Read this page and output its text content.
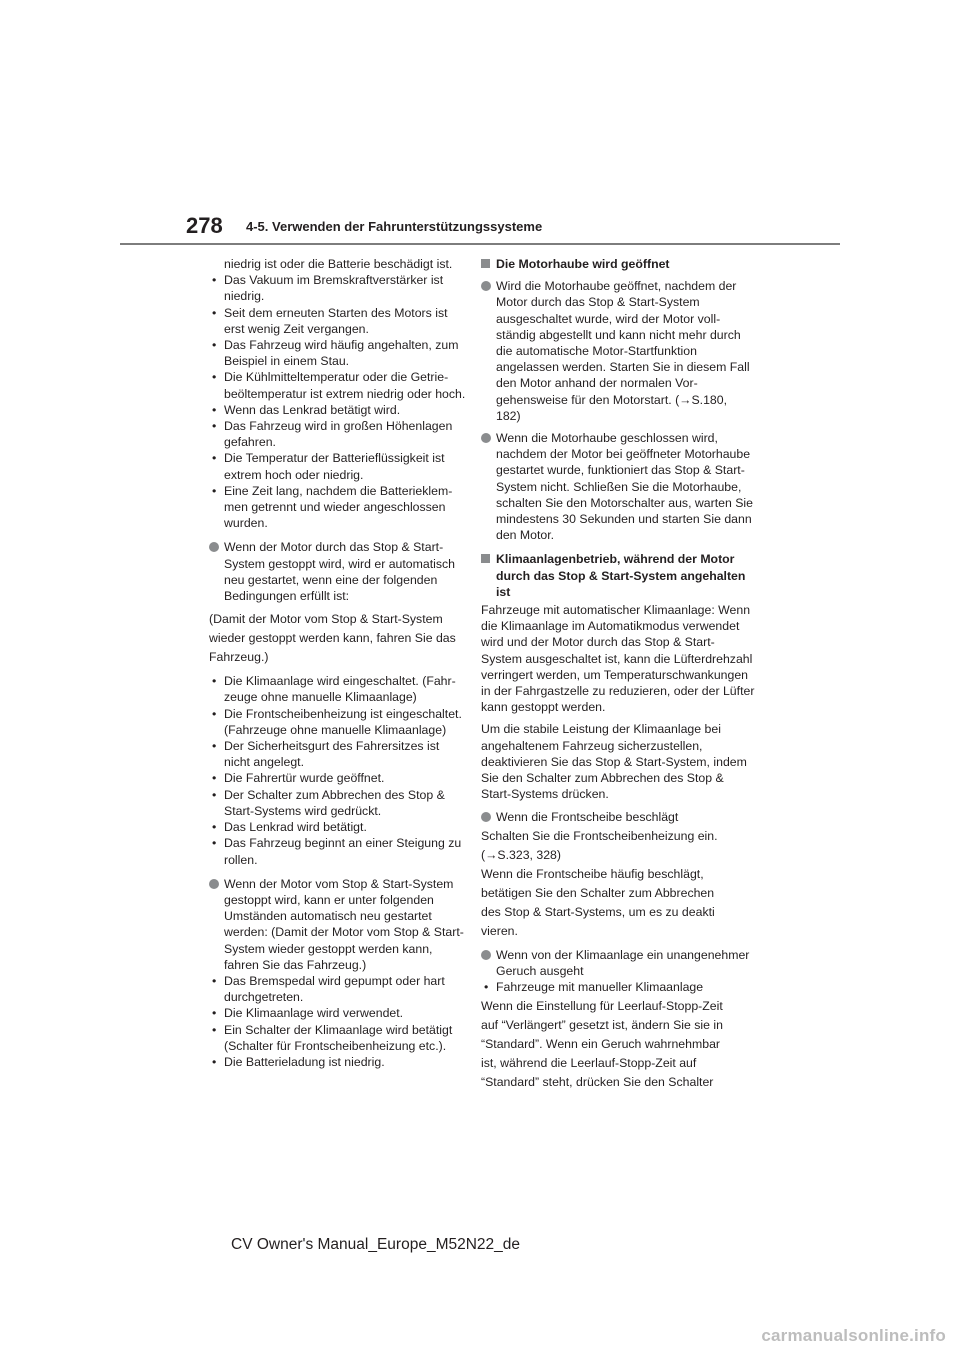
278 4-5. Verwenden der Fahrunterstützungssysteme
niedrig ist oder die Batterie beschädigt ist.
• Das Vakuum im Bremskraftverstärker ist niedrig.
• Seit dem erneuten Starten des Motors ist erst wenig Zeit vergangen.
• Das Fahrzeug wird häufig angehalten, zum Beispiel in einem Stau.
• Die Kühlmitteltemperatur oder die Getriebeöltemperatur ist extrem niedrig oder hoch.
• Wenn das Lenkrad betätigt wird.
• Das Fahrzeug wird in großen Höhenlagen gefahren.
• Die Temperatur der Batterieflüssigkeit ist extrem hoch oder niedrig.
• Eine Zeit lang, nachdem die Batterieklemmen getrennt und wieder angeschlossen wurden.
Wenn der Motor durch das Stop & Start-System gestoppt wird, wird er automatisch neu gestartet, wenn eine der folgenden Bedingungen erfüllt ist:
(Damit der Motor vom Stop & Start-System
wieder gestoppt werden kann, fahren Sie das
Fahrzeug.)
• Die Klimaanlage wird eingeschaltet. (Fahrzeuge ohne manuelle Klimaanlage)
• Die Frontscheibenheizung ist eingeschaltet. (Fahrzeuge ohne manuelle Klimaanlage)
• Der Sicherheitsgurt des Fahrersitzes ist nicht angelegt.
• Die Fahrertür wurde geöffnet.
• Der Schalter zum Abbrechen des Stop & Start-Systems wird gedrückt.
• Das Lenkrad wird betätigt.
• Das Fahrzeug beginnt an einer Steigung zu rollen.
Wenn der Motor vom Stop & Start-System gestoppt wird, kann er unter folgenden Umständen automatisch neu gestartet werden: (Damit der Motor vom Stop & Start-System wieder gestoppt werden kann, fahren Sie das Fahrzeug.)
• Das Bremspedal wird gepumpt oder hart durchgetreten.
• Die Klimaanlage wird verwendet.
• Ein Schalter der Klimaanlage wird betätigt (Schalter für Frontscheibenheizung etc.).
• Die Batterieladung ist niedrig.
Die Motorhaube wird geöffnet
Wird die Motorhaube geöffnet, nachdem der Motor durch das Stop & Start-System ausgeschaltet wurde, wird der Motor vollständig abgestellt und kann nicht mehr durch die automatische Motor-Startfunktion angelassen werden. Starten Sie in diesem Fall den Motor anhand der normalen Vorgehensweise für den Motorstart. (→S.180, 182)
Wenn die Motorhaube geschlossen wird, nachdem der Motor bei geöffneter Motorhaube gestartet wurde, funktioniert das Stop & Start-System nicht. Schließen Sie die Motorhaube, schalten Sie den Motorschalter aus, warten Sie mindestens 30 Sekunden und starten Sie dann den Motor.
Klimaanlagenbetrieb, während der Motor durch das Stop & Start-System angehalten ist
Fahrzeuge mit automatischer Klimaanlage: Wenn die Klimaanlage im Automatikmodus verwendet wird und der Motor durch das Stop & Start-System ausgeschaltet ist, kann die Lüfterdrehzahl verringert werden, um Temperaturschwankungen in der Fahrgastzelle zu reduzieren, oder der Lüfter kann gestoppt werden.
Um die stabile Leistung der Klimaanlage bei angehaltenem Fahrzeug sicherzustellen, deaktivieren Sie das Stop & Start-System, indem Sie den Schalter zum Abbrechen des Stop & Start-Systems drücken.
Wenn die Frontscheibe beschlägt
Schalten Sie die Frontscheibenheizung ein.
(→S.323, 328)
Wenn die Frontscheibe häufig beschlägt,
betätigen Sie den Schalter zum Abbrechen
des Stop & Start-Systems, um es zu deakti
vieren.
Wenn von der Klimaanlage ein unangenehmer Geruch ausgeht
• Fahrzeuge mit manueller Klimaanlage
Wenn die Einstellung für Leerlauf-Stopp-Zeit
auf “Verlängert” gesetzt ist, ändern Sie sie in
“Standard”. Wenn ein Geruch wahrnehmbar
ist, während die Leerlauf-Stopp-Zeit auf
“Standard” steht, drücken Sie den Schalter
CV Owner's Manual_Europe_M52N22_de
carmanualsonline.info
